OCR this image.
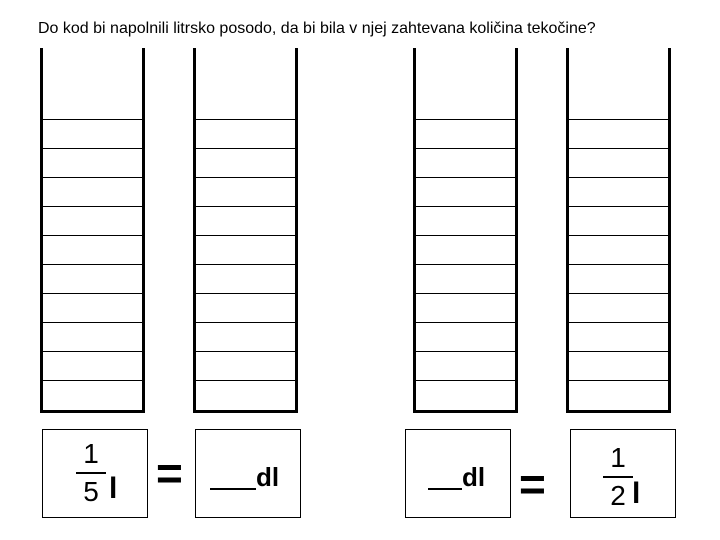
Do kod bi napolnili litrsko posodo, da bi bila v njej zahtevana količina tekočine?
1
5 l =	dl	dl =
1
2 l
